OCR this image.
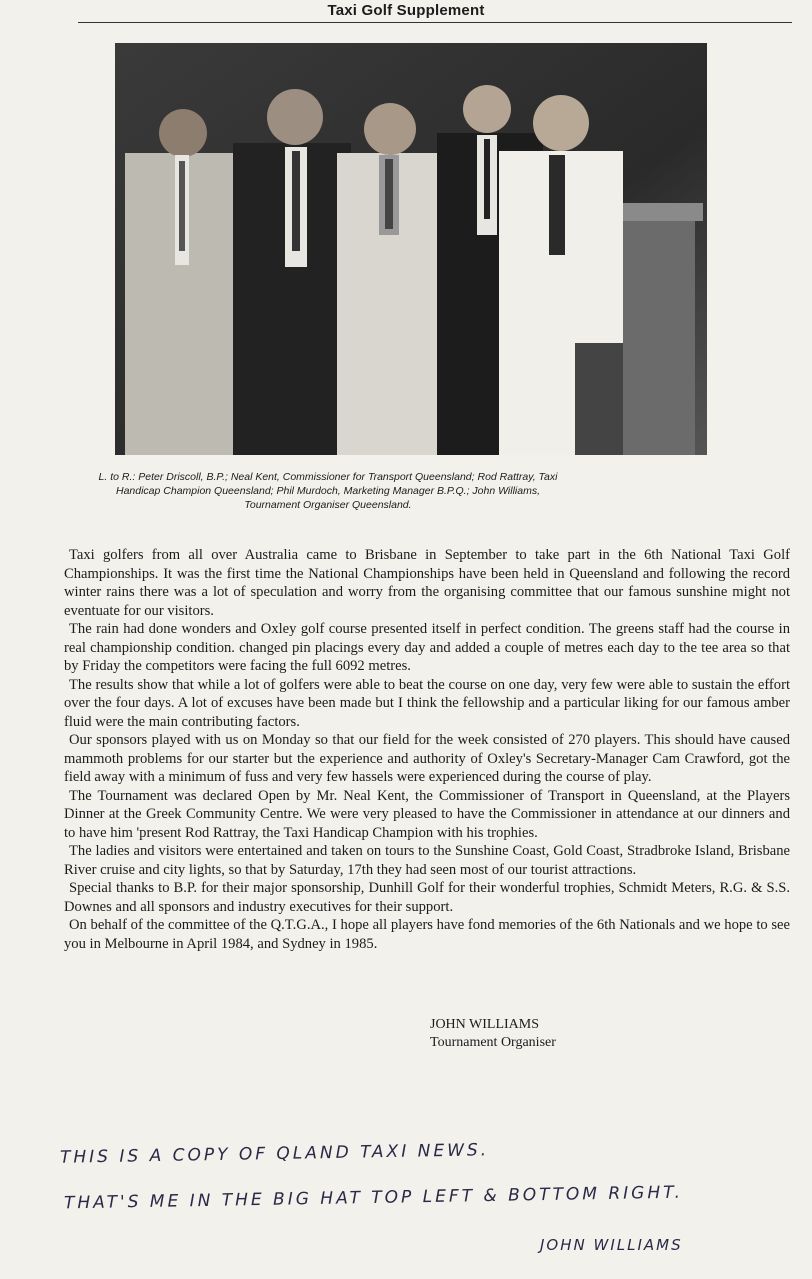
Taxi Golf Supplement
L. to R.: Peter Driscoll, B.P.; Neal Kent, Commissioner for Transport Queensland; Rod Rattray, Taxi Handicap Champion Queensland; Phil Murdoch, Marketing Manager B.P.Q.; John Williams, Tournament Organiser Queensland.

Taxi golfers from all over Australia came to Brisbane in September to take part in the 6th National Taxi Golf Championships. It was the first time the National Championships have been held in Queensland and following the record winter rains there was a lot of speculation and worry from the organising committee that our famous sunshine might not eventuate for our visitors.

The rain had done wonders and Oxley golf course presented itself in perfect condition. The greens staff had the course in real championship condition. changed pin placings every day and added a couple of metres each day to the tee area so that by Friday the competitors were facing the full 6092 metres.

The results show that while a lot of golfers were able to beat the course on one day, very few were able to sustain the effort over the four days. A lot of excuses have been made but I think the fellowship and a particular liking for our famous amber fluid were the main contributing factors.

Our sponsors played with us on Monday so that our field for the week consisted of 270 players. This should have caused mammoth problems for our starter but the experience and authority of Oxley's Secretary-Manager Cam Crawford, got the field away with a minimum of fuss and very few hassels were experienced during the course of play.

The Tournament was declared Open by Mr. Neal Kent, the Commissioner of Transport in Queensland, at the Players Dinner at the Greek Community Centre. We were very pleased to have the Commissioner in attendance at our dinners and to have him 'present Rod Rattray, the Taxi Handicap Champion with his trophies.

The ladies and visitors were entertained and taken on tours to the Sunshine Coast, Gold Coast, Stradbroke Island, Brisbane River cruise and city lights, so that by Saturday, 17th they had seen most of our tourist attractions.

Special thanks to B.P. for their major sponsorship, Dunhill Golf for their wonderful trophies, Schmidt Meters, R.G. & S.S. Downes and all sponsors and industry executives for their support.

On behalf of the committee of the Q.T.G.A., I hope all players have fond memories of the 6th Nationals and we hope to see you in Melbourne in April 1984, and Sydney in 1985.

JOHN WILLIAMS
Tournament Organiser
THIS IS A COPY OF QLAND TAXI NEWS.
THAT'S ME IN THE BIG HAT TOP LEFT & BOTTOM RIGHT.
JOHN WILLIAMS
